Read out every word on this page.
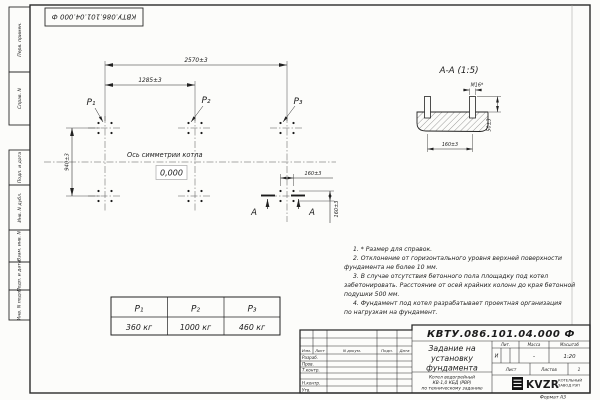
Перв. примен.
Справ. N
Подп. и дата
Инв. N дубл.
Взам. инв. N
Подп. и дата
Инв. N подл.
КВТУ.086.101.04.000 Ф
2570±3
1285±3
940±3
160±3
160±3
P₁	P₂	P₃
Ось симметрии котла
0,000
А	А
А-А (1:5)
М16*
50±3
160±3
1. * Размер для справок.
2. Отклонение от горизонтального уровня верхней поверхности
фундамента не более 10 мм.
3. В случае отсутствия бетонного пола площадку под котел
забетонировать. Расстояние от осей крайних колонн до края бетонной
подушки 500 мм.
4. Фундамент под котел разрабатывает проектная организация
по нагрузкам на фундамент.
P₁	P₂	P₃
360 кг	1000 кг	460 кг
КВТУ.086.101.04.000 Ф
Изм. Лист	N докум.	Подп. Дата
Разраб.
Пров.
Т.контр.
Н.контр.
Утв.
Задание на
установку
фундамента
Котел водогрейный
КВ-1,0 КБД (РВР)
по техническому заданию
Лит.	Масса	Масштаб
И	-	1:20
Лист	Листов	1
KVZR
КОТЕЛЬНЫЙ
ЗАВОД РЭП
Формат А3
